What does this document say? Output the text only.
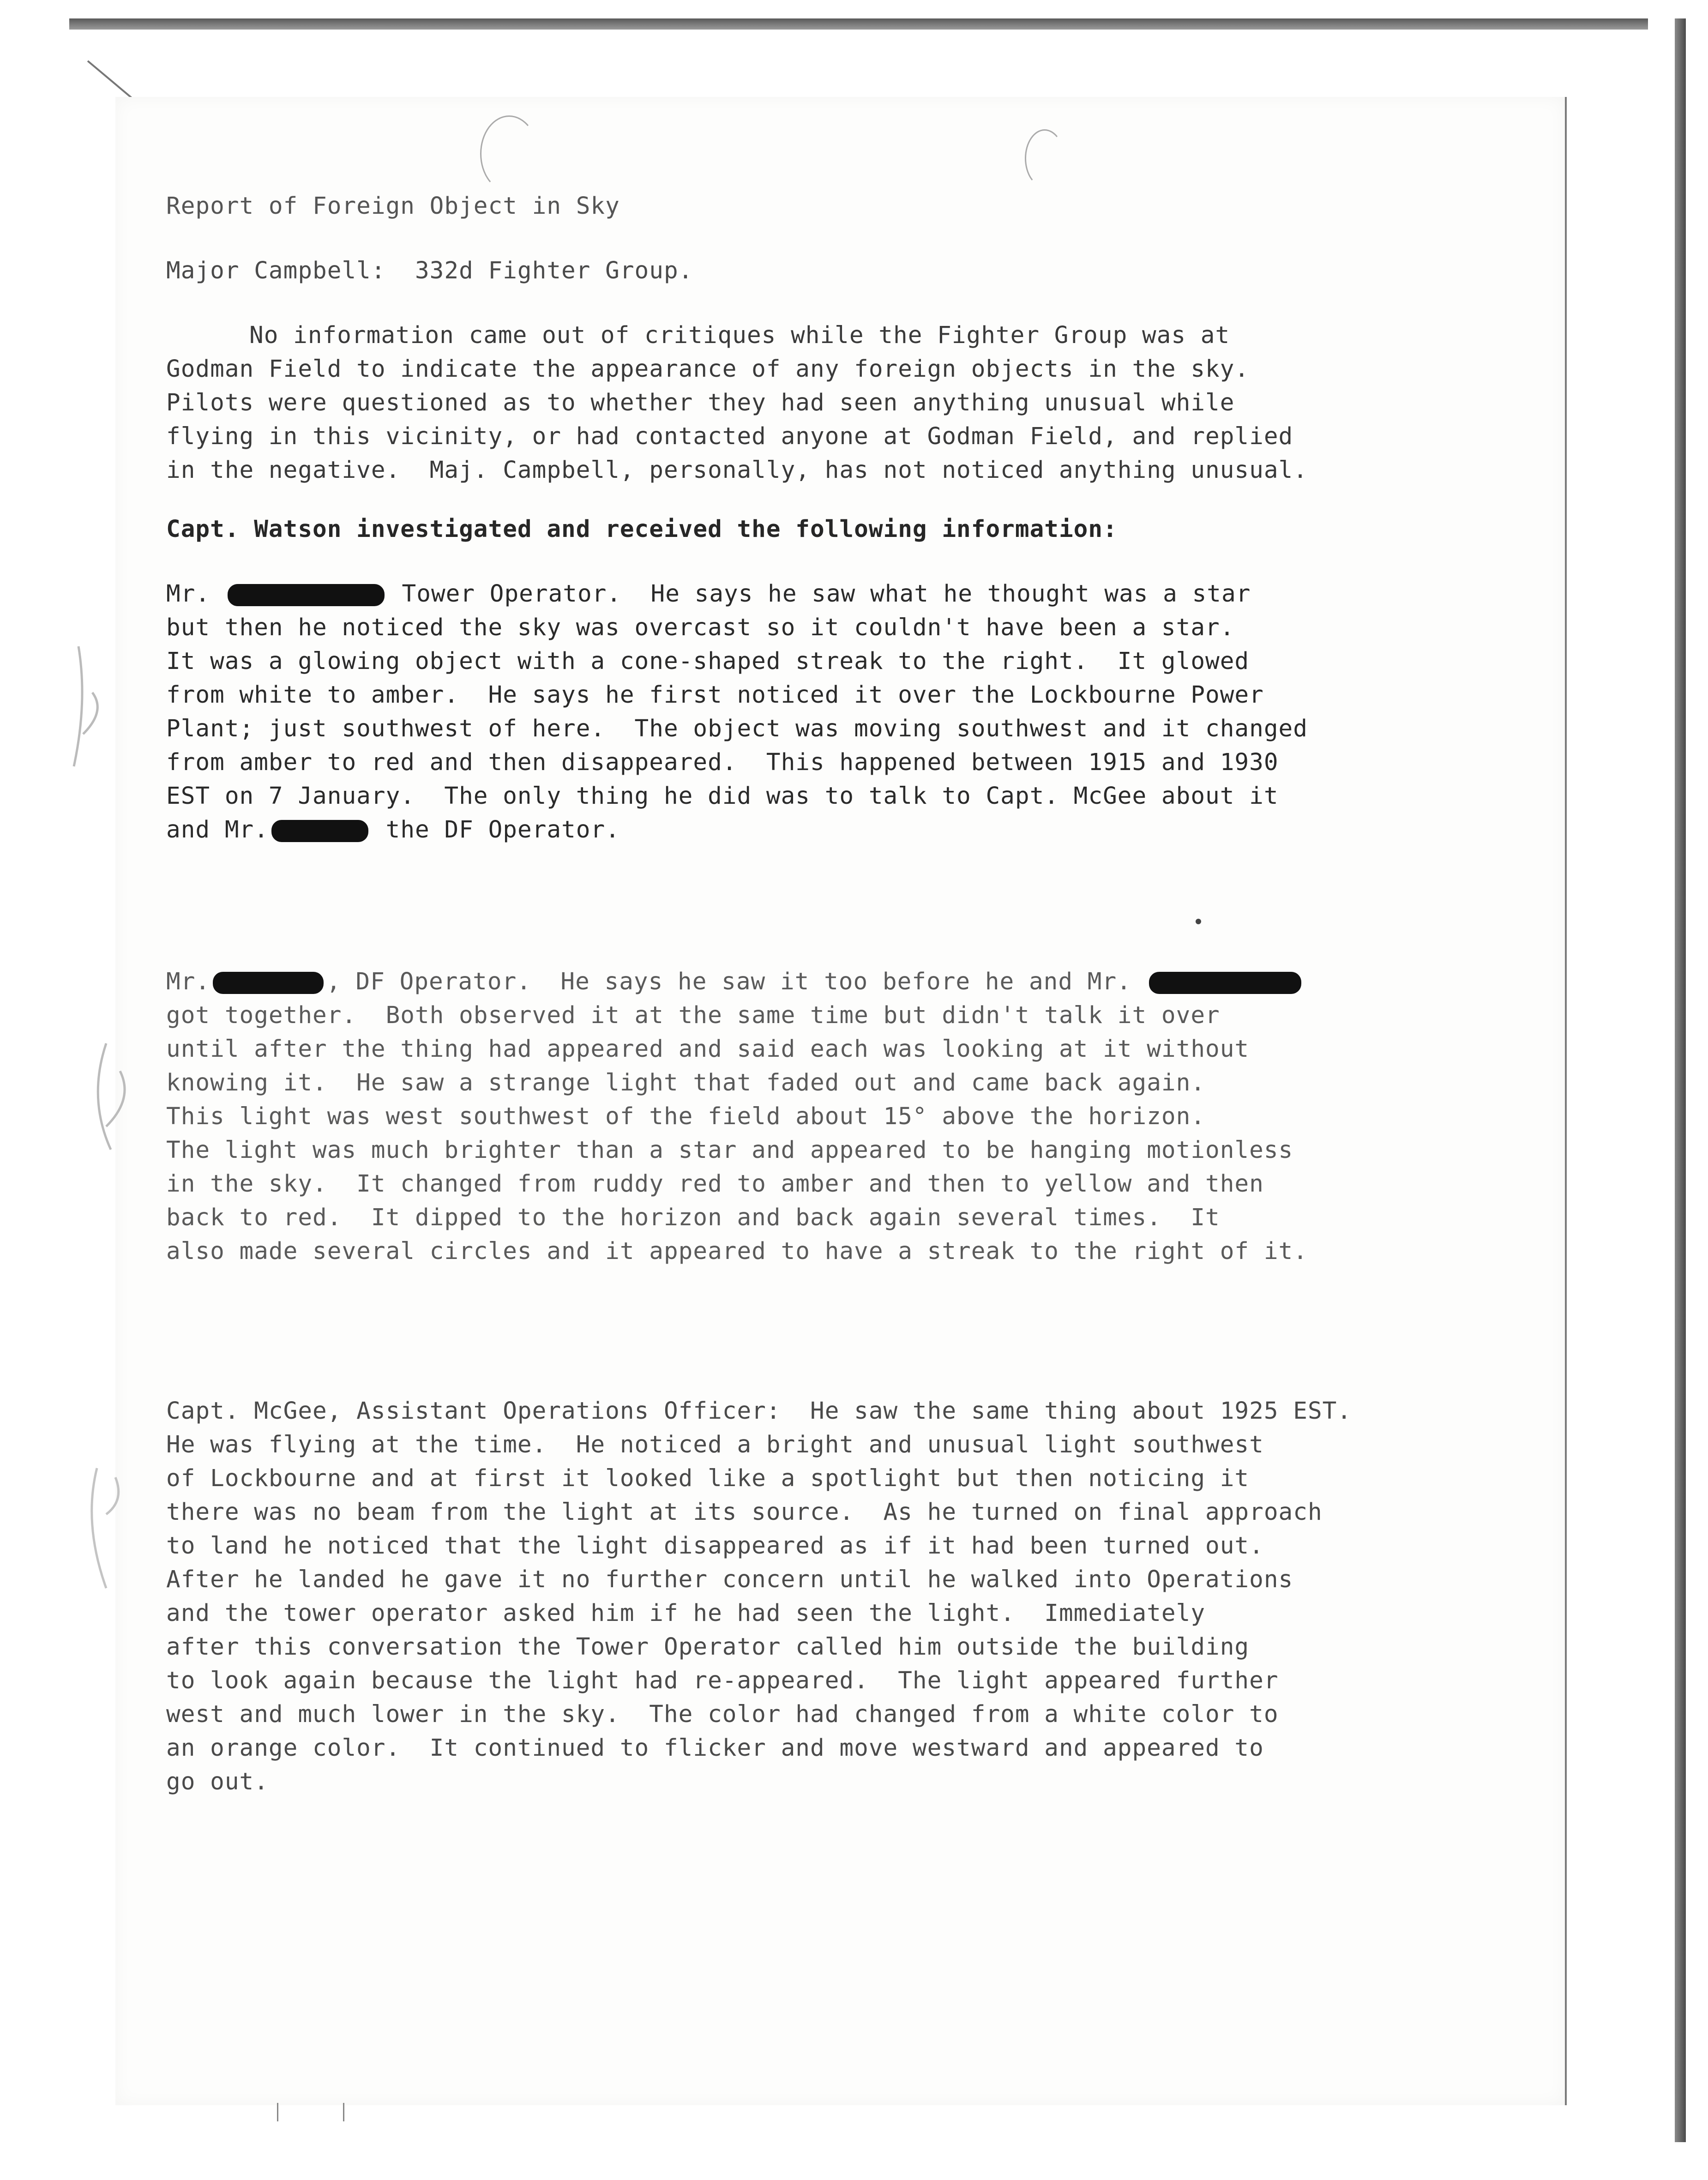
Report of Foreign Object in Sky
Major Campbell:  332d Fighter Group.
No information came out of critiques while the Fighter Group was at
Godman Field to indicate the appearance of any foreign objects in the sky.
Pilots were questioned as to whether they had seen anything unusual while
flying in this vicinity, or had contacted anyone at Godman Field, and replied
in the negative.  Maj. Campbell, personally, has not noticed anything unusual.
Capt. Watson investigated and received the following information:
Mr.	Tower Operator.  He says he saw what he thought was a star
but then he noticed the sky was overcast so it couldn't have been a star.
It was a glowing object with a cone-shaped streak to the right.  It glowed
from white to amber.  He says he first noticed it over the Lockbourne Power
Plant; just southwest of here.  The object was moving southwest and it changed
from amber to red and then disappeared.  This happened between 1915 and 1930
EST on 7 January.  The only thing he did was to talk to Capt. McGee about it
and Mr.	the DF Operator.
Mr.	, DF Operator.  He says he saw it too before he and Mr.
got together.  Both observed it at the same time but didn't talk it over
until after the thing had appeared and said each was looking at it without
knowing it.  He saw a strange light that faded out and came back again.
This light was west southwest of the field about 15° above the horizon.
The light was much brighter than a star and appeared to be hanging motionless
in the sky.  It changed from ruddy red to amber and then to yellow and then
back to red.  It dipped to the horizon and back again several times.  It
also made several circles and it appeared to have a streak to the right of it.
Capt. McGee, Assistant Operations Officer:  He saw the same thing about 1925 EST.
He was flying at the time.  He noticed a bright and unusual light southwest
of Lockbourne and at first it looked like a spotlight but then noticing it
there was no beam from the light at its source.  As he turned on final approach
to land he noticed that the light disappeared as if it had been turned out.
After he landed he gave it no further concern until he walked into Operations
and the tower operator asked him if he had seen the light.  Immediately
after this conversation the Tower Operator called him outside the building
to look again because the light had re-appeared.  The light appeared further
west and much lower in the sky.  The color had changed from a white color to
an orange color.  It continued to flicker and move westward and appeared to
go out.
